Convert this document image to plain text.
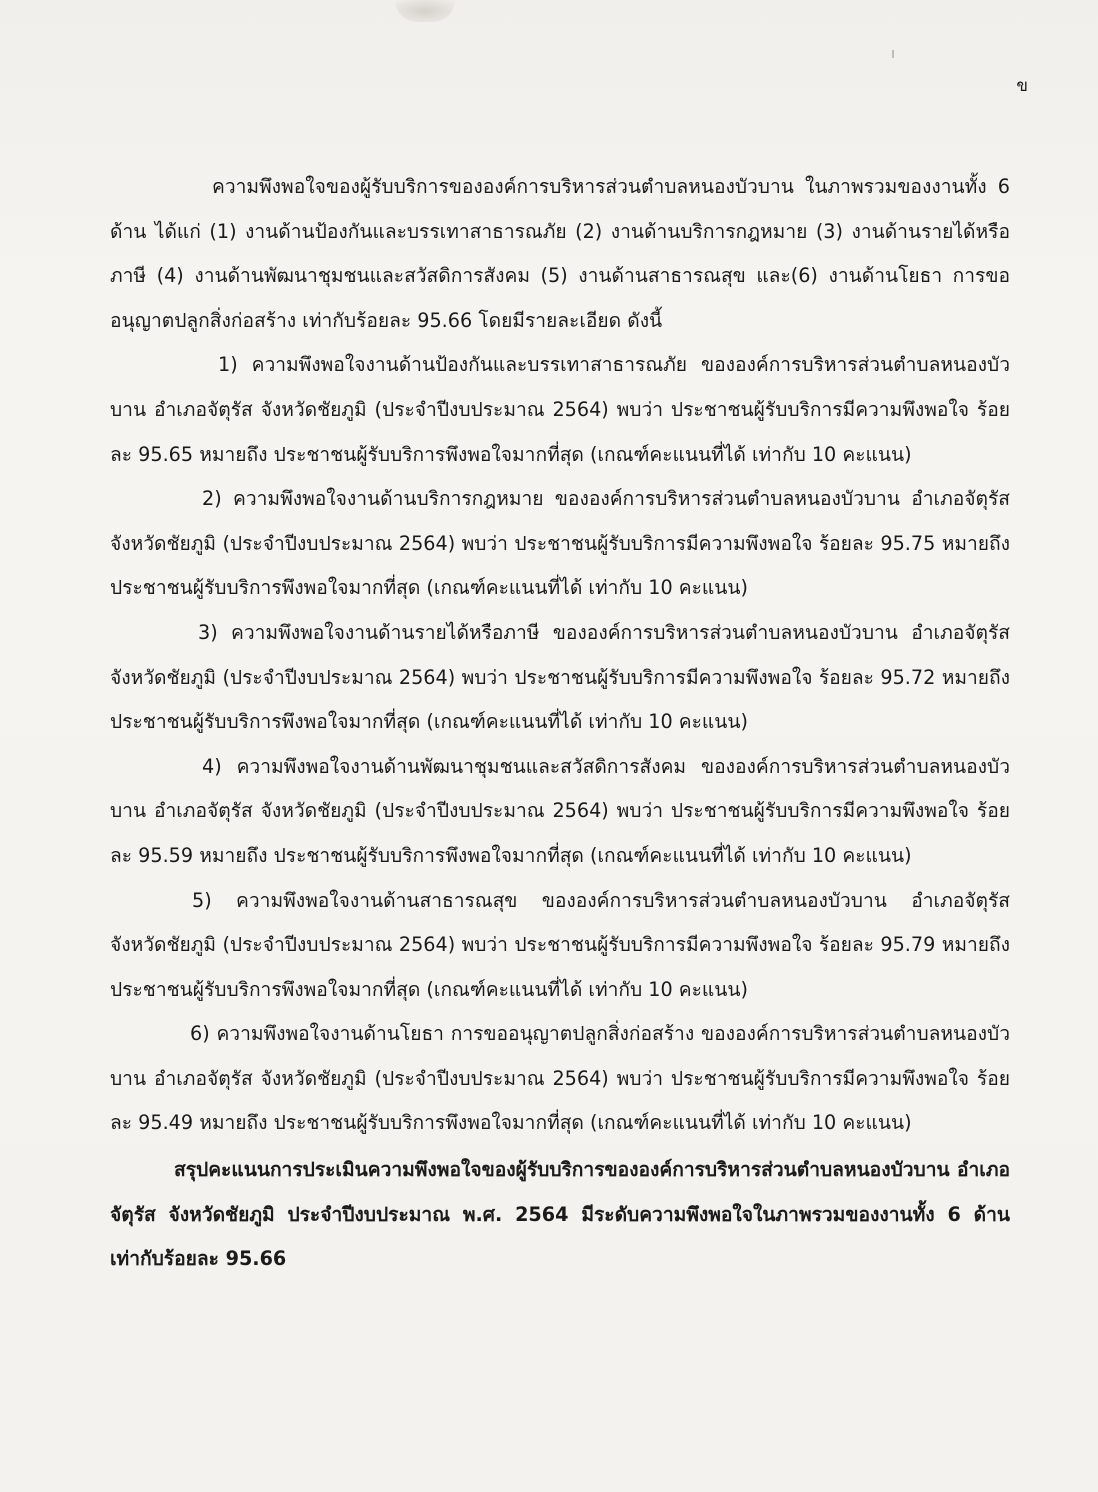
ข

ความพึงพอใจของผู้รับบริการขององค์การบริหารส่วนตำบลหนองบัวบาน ในภาพรวมของงานทั้ง 6 ด้าน ได้แก่ (1) งานด้านป้องกันและบรรเทาสาธารณภัย (2) งานด้านบริการกฎหมาย (3) งานด้านรายได้หรือภาษี (4) งานด้านพัฒนาชุมชนและสวัสดิการสังคม (5) งานด้านสาธารณสุข และ(6) งานด้านโยธา การขออนุญาตปลูกสิ่งก่อสร้าง เท่ากับร้อยละ 95.66 โดยมีรายละเอียด ดังนี้

1) ความพึงพอใจงานด้านป้องกันและบรรเทาสาธารณภัย ขององค์การบริหารส่วนตำบลหนองบัวบาน อำเภอจัตุรัส จังหวัดชัยภูมิ (ประจำปีงบประมาณ 2564) พบว่า ประชาชนผู้รับบริการมีความพึงพอใจ ร้อยละ 95.65 หมายถึง ประชาชนผู้รับบริการพึงพอใจมากที่สุด (เกณฑ์คะแนนที่ได้ เท่ากับ 10 คะแนน)

2) ความพึงพอใจงานด้านบริการกฎหมาย ขององค์การบริหารส่วนตำบลหนองบัวบาน อำเภอจัตุรัส จังหวัดชัยภูมิ (ประจำปีงบประมาณ 2564) พบว่า ประชาชนผู้รับบริการมีความพึงพอใจ ร้อยละ 95.75 หมายถึง ประชาชนผู้รับบริการพึงพอใจมากที่สุด (เกณฑ์คะแนนที่ได้ เท่ากับ 10 คะแนน)

3) ความพึงพอใจงานด้านรายได้หรือภาษี ขององค์การบริหารส่วนตำบลหนองบัวบาน อำเภอจัตุรัส จังหวัดชัยภูมิ (ประจำปีงบประมาณ 2564) พบว่า ประชาชนผู้รับบริการมีความพึงพอใจ ร้อยละ 95.72 หมายถึง ประชาชนผู้รับบริการพึงพอใจมากที่สุด (เกณฑ์คะแนนที่ได้ เท่ากับ 10 คะแนน)

4) ความพึงพอใจงานด้านพัฒนาชุมชนและสวัสดิการสังคม ขององค์การบริหารส่วนตำบลหนองบัวบาน อำเภอจัตุรัส จังหวัดชัยภูมิ (ประจำปีงบประมาณ 2564) พบว่า ประชาชนผู้รับบริการมีความพึงพอใจ ร้อยละ 95.59 หมายถึง ประชาชนผู้รับบริการพึงพอใจมากที่สุด (เกณฑ์คะแนนที่ได้ เท่ากับ 10 คะแนน)

5) ความพึงพอใจงานด้านสาธารณสุข ขององค์การบริหารส่วนตำบลหนองบัวบาน อำเภอจัตุรัส จังหวัดชัยภูมิ (ประจำปีงบประมาณ 2564) พบว่า ประชาชนผู้รับบริการมีความพึงพอใจ ร้อยละ 95.79 หมายถึง ประชาชนผู้รับบริการพึงพอใจมากที่สุด (เกณฑ์คะแนนที่ได้ เท่ากับ 10 คะแนน)

6) ความพึงพอใจงานด้านโยธา การขออนุญาตปลูกสิ่งก่อสร้าง ขององค์การบริหารส่วนตำบลหนองบัวบาน อำเภอจัตุรัส จังหวัดชัยภูมิ (ประจำปีงบประมาณ 2564) พบว่า ประชาชนผู้รับบริการมีความพึงพอใจ ร้อยละ 95.49 หมายถึง ประชาชนผู้รับบริการพึงพอใจมากที่สุด (เกณฑ์คะแนนที่ได้ เท่ากับ 10 คะแนน)

สรุปคะแนนการประเมินความพึงพอใจของผู้รับบริการขององค์การบริหารส่วนตำบลหนองบัวบาน อำเภอจัตุรัส จังหวัดชัยภูมิ ประจำปีงบประมาณ พ.ศ. 2564 มีระดับความพึงพอใจในภาพรวมของงานทั้ง 6 ด้าน เท่ากับร้อยละ 95.66
